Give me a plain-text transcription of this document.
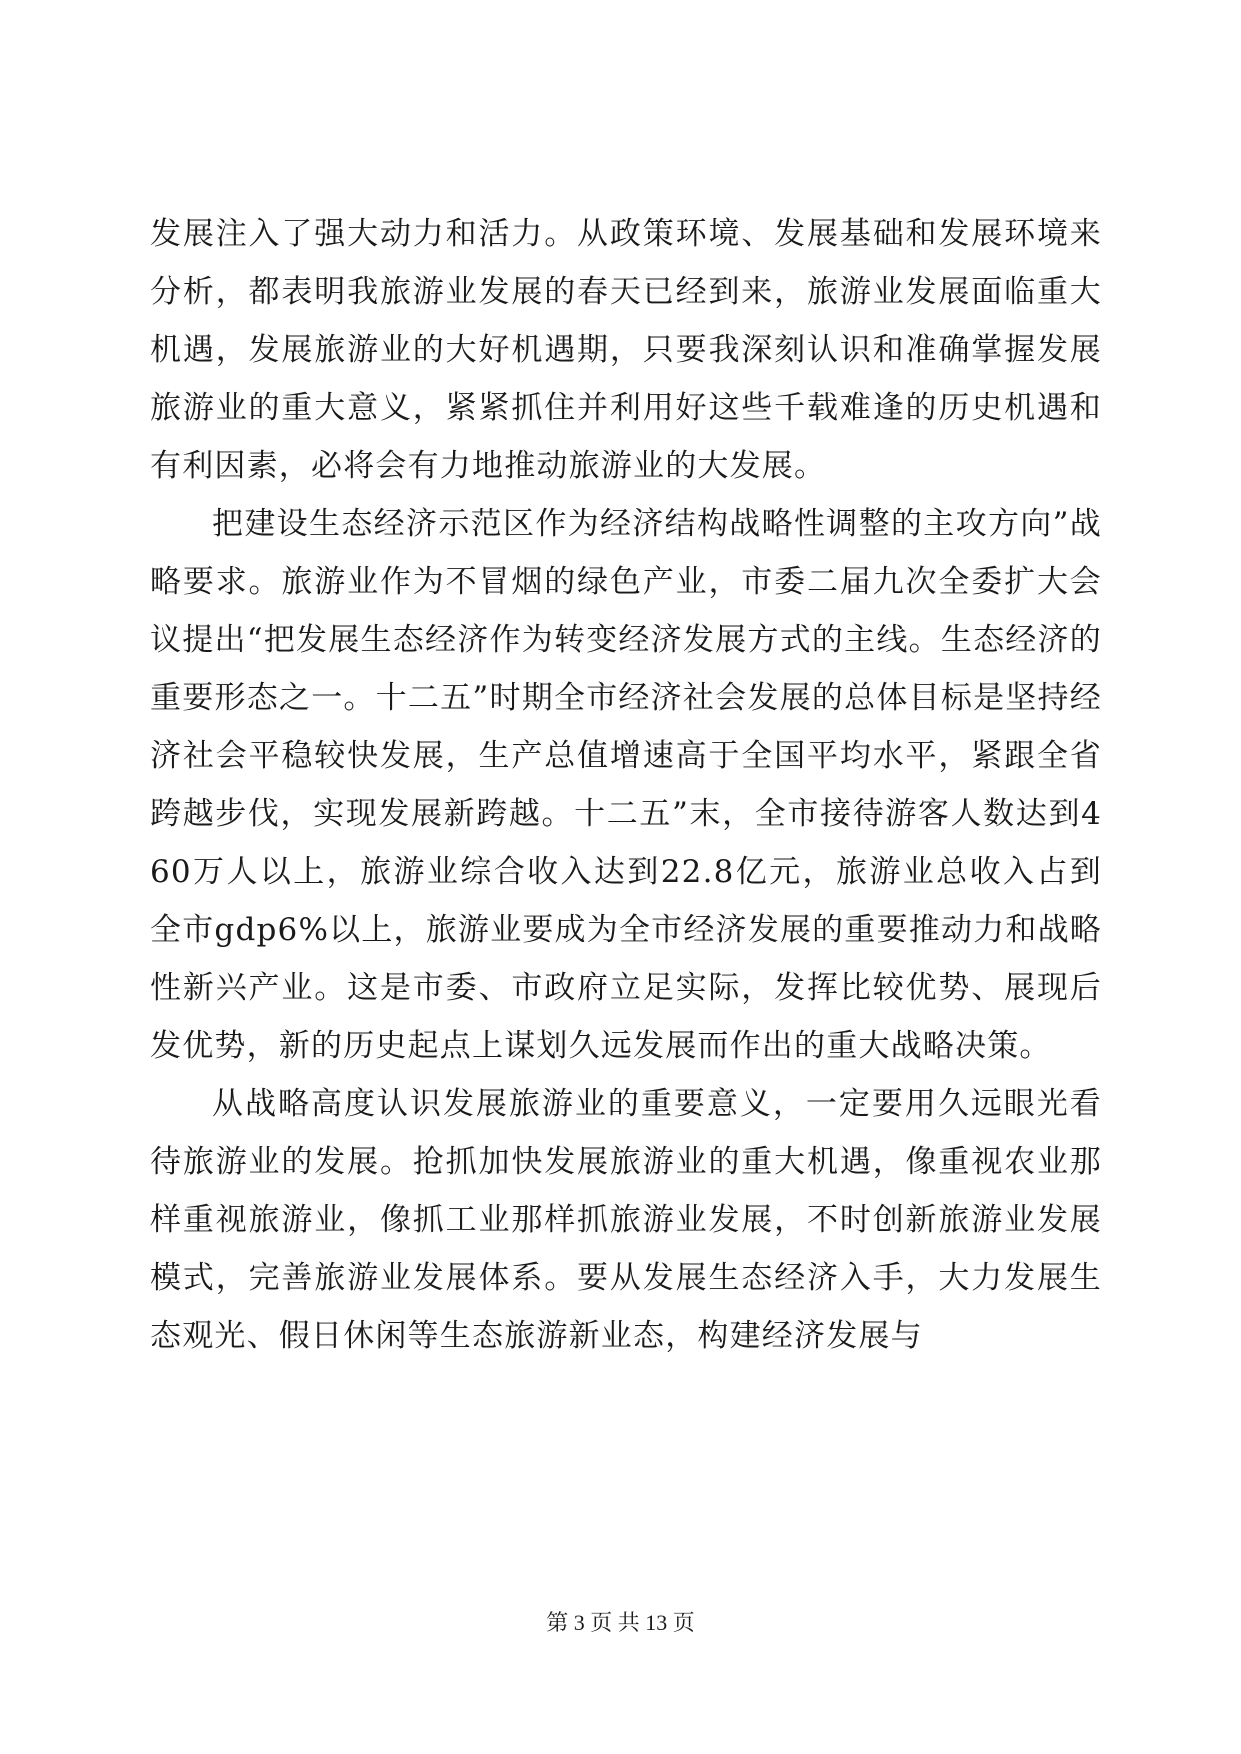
发展注入了强大动力和活力。从政策环境、发展基础和发展环境来分析，都表明我旅游业发展的春天已经到来，旅游业发展面临重大机遇，发展旅游业的大好机遇期，只要我深刻认识和准确掌握发展旅游业的重大意义，紧紧抓住并利用好这些千载难逢的历史机遇和有利因素，必将会有力地推动旅游业的大发展。

把建设生态经济示范区作为经济结构战略性调整的主攻方向”战略要求。旅游业作为不冒烟的绿色产业，市委二届九次全委扩大会议提出“把发展生态经济作为转变经济发展方式的主线。生态经济的重要形态之一。十二五”时期全市经济社会发展的总体目标是坚持经济社会平稳较快发展，生产总值增速高于全国平均水平，紧跟全省跨越步伐，实现发展新跨越。十二五”末，全市接待游客人数达到460万人以上，旅游业综合收入达到22.8亿元，旅游业总收入占到全市gdp6%以上，旅游业要成为全市经济发展的重要推动力和战略性新兴产业。这是市委、市政府立足实际，发挥比较优势、展现后发优势，新的历史起点上谋划久远发展而作出的重大战略决策。

从战略高度认识发展旅游业的重要意义，一定要用久远眼光看待旅游业的发展。抢抓加快发展旅游业的重大机遇，像重视农业那样重视旅游业，像抓工业那样抓旅游业发展，不时创新旅游业发展模式，完善旅游业发展体系。要从发展生态经济入手，大力发展生态观光、假日休闲等生态旅游新业态，构建经济发展与

第 3 页 共 13 页
